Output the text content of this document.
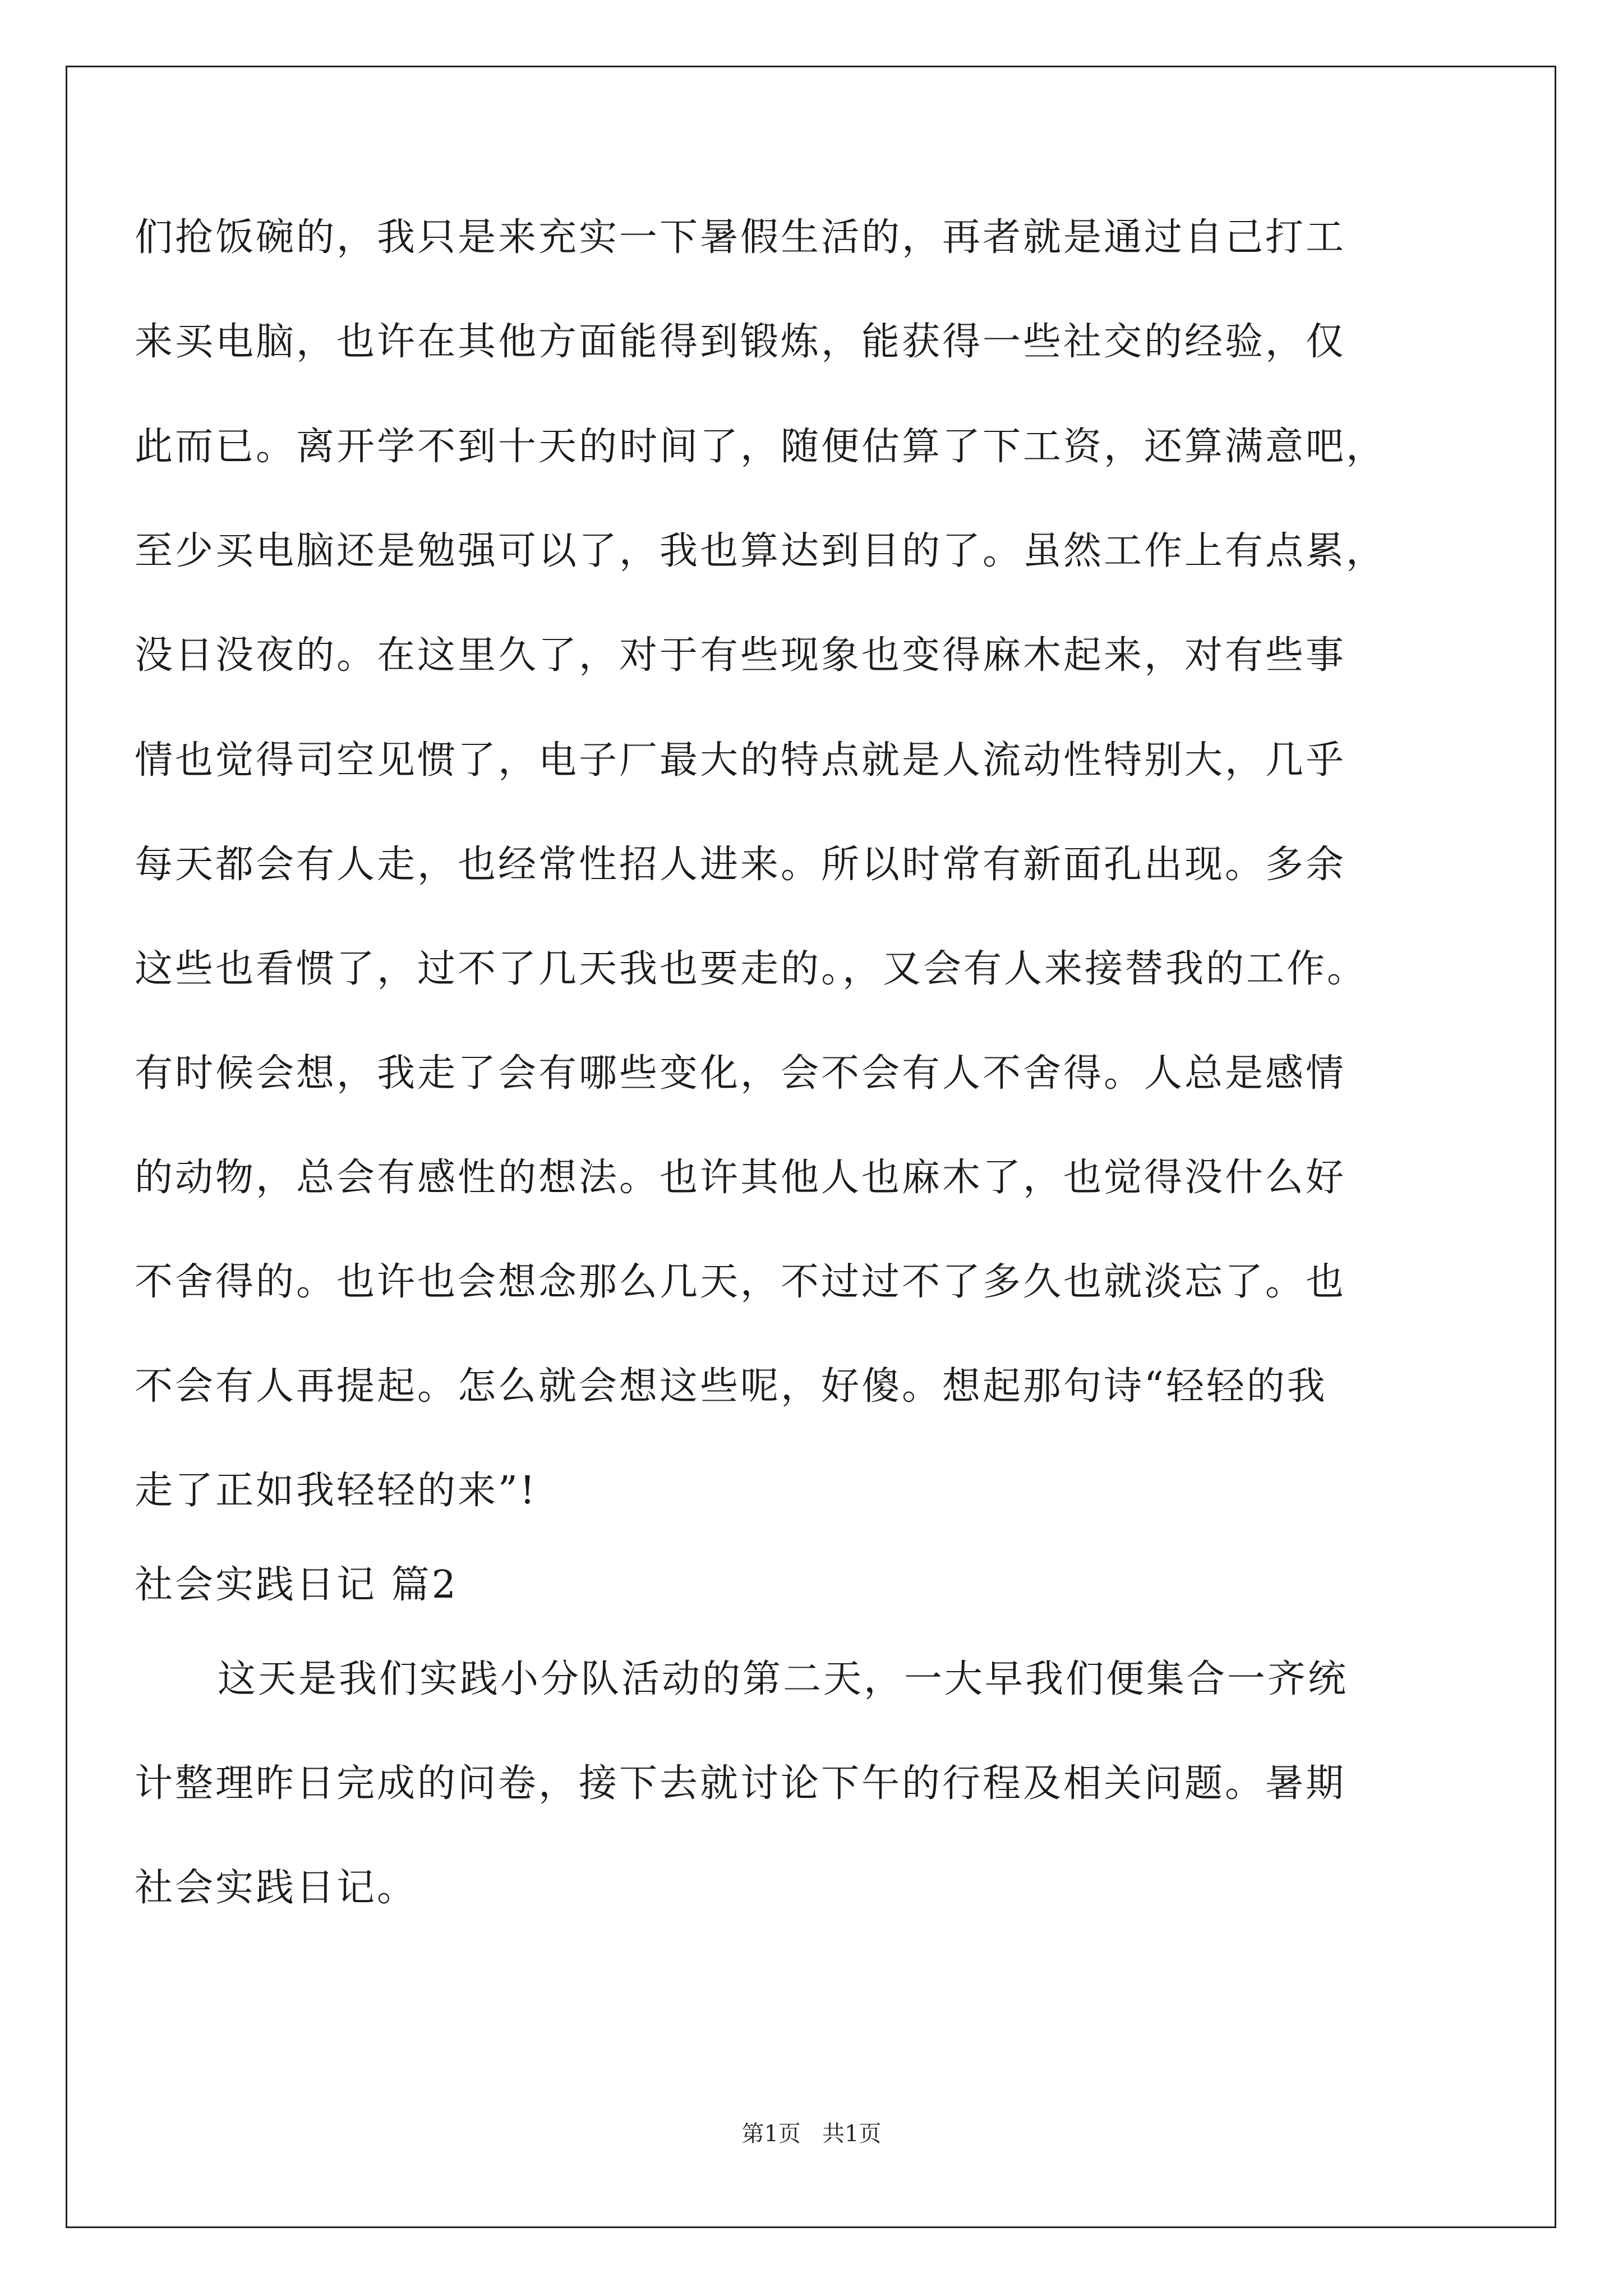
们抢饭碗的，我只是来充实一下暑假生活的，再者就是通过自己打工
来买电脑，也许在其他方面能得到锻炼，能获得一些社交的经验，仅
此而已。离开学不到十天的时间了，随便估算了下工资，还算满意吧，
至少买电脑还是勉强可以了，我也算达到目的了。虽然工作上有点累，
没日没夜的。在这里久了，对于有些现象也变得麻木起来，对有些事
情也觉得司空见惯了，电子厂最大的特点就是人流动性特别大，几乎
每天都会有人走，也经常性招人进来。所以时常有新面孔出现。多余
这些也看惯了，过不了几天我也要走的。，又会有人来接替我的工作。
有时候会想，我走了会有哪些变化，会不会有人不舍得。人总是感情
的动物，总会有感性的想法。也许其他人也麻木了，也觉得没什么好
不舍得的。也许也会想念那么几天，不过过不了多久也就淡忘了。也
不会有人再提起。怎么就会想这些呢，好傻。想起那句诗“轻轻的我
走了正如我轻轻的来”!
社会实践日记 篇2
这天是我们实践小分队活动的第二天，一大早我们便集合一齐统
计整理昨日完成的问卷，接下去就讨论下午的行程及相关问题。暑期
社会实践日记。
第1页   共1页
